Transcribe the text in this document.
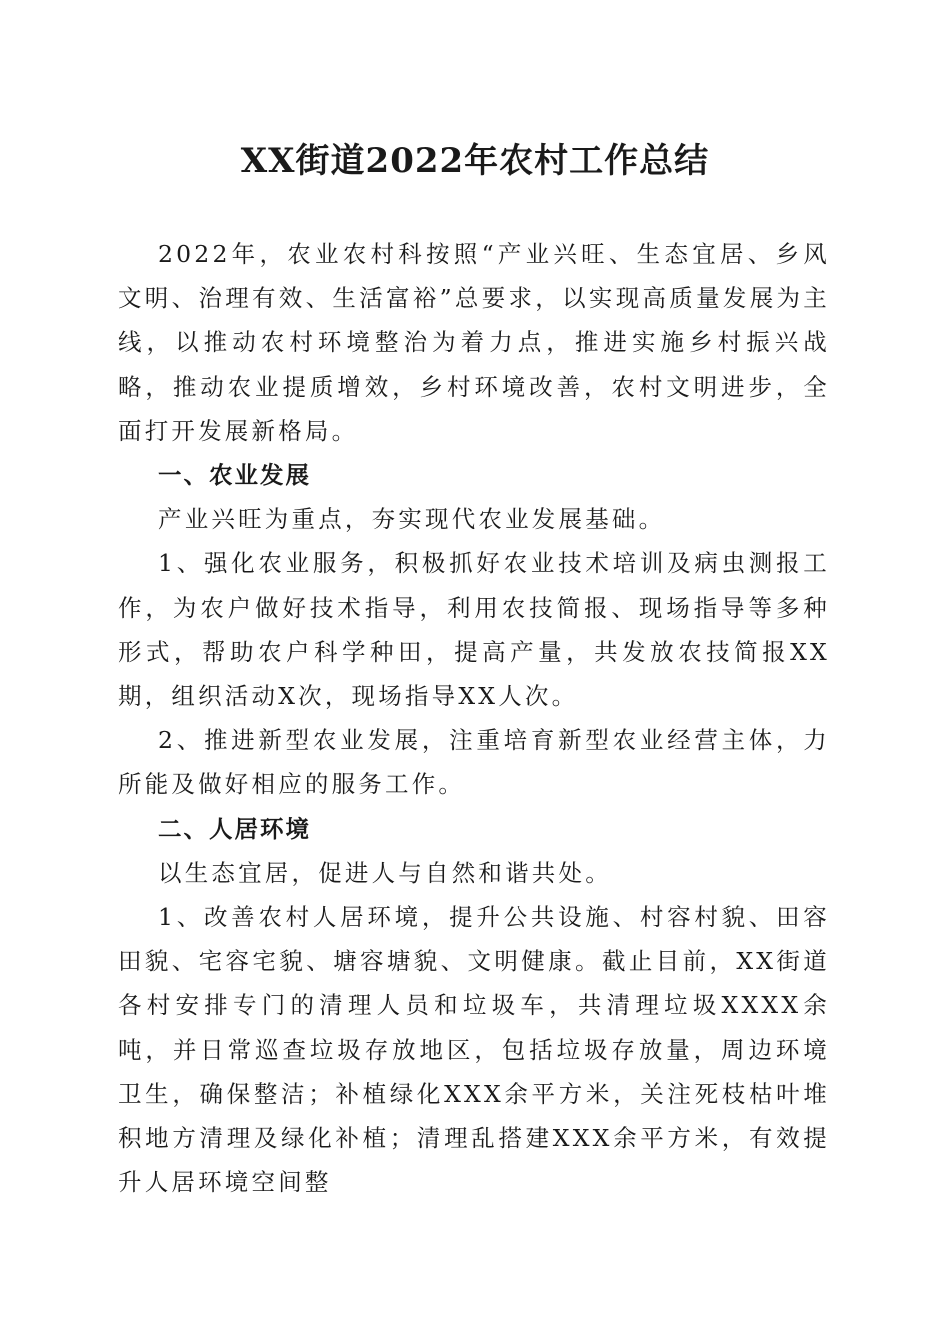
XX街道2022年农村工作总结

2022年，农业农村科按照“产业兴旺、生态宜居、乡风文明、治理有效、生活富裕”总要求，以实现高质量发展为主线，以推动农村环境整治为着力点，推进实施乡村振兴战略，推动农业提质增效，乡村环境改善，农村文明进步，全面打开发展新格局。

一、农业发展

产业兴旺为重点，夯实现代农业发展基础。

1、强化农业服务，积极抓好农业技术培训及病虫测报工作，为农户做好技术指导，利用农技简报、现场指导等多种形式，帮助农户科学种田，提高产量，共发放农技简报XX期，组织活动X次，现场指导XX人次。

2、推进新型农业发展，注重培育新型农业经营主体，力所能及做好相应的服务工作。

二、人居环境

以生态宜居，促进人与自然和谐共处。

1、改善农村人居环境，提升公共设施、村容村貌、田容田貌、宅容宅貌、塘容塘貌、文明健康。截止目前，XX街道各村安排专门的清理人员和垃圾车，共清理垃圾XXXX余吨，并日常巡查垃圾存放地区，包括垃圾存放量，周边环境卫生，确保整洁；补植绿化XXX余平方米，关注死枝枯叶堆积地方清理及绿化补植；清理乱搭建XXX余平方米，有效提升人居环境空间整
